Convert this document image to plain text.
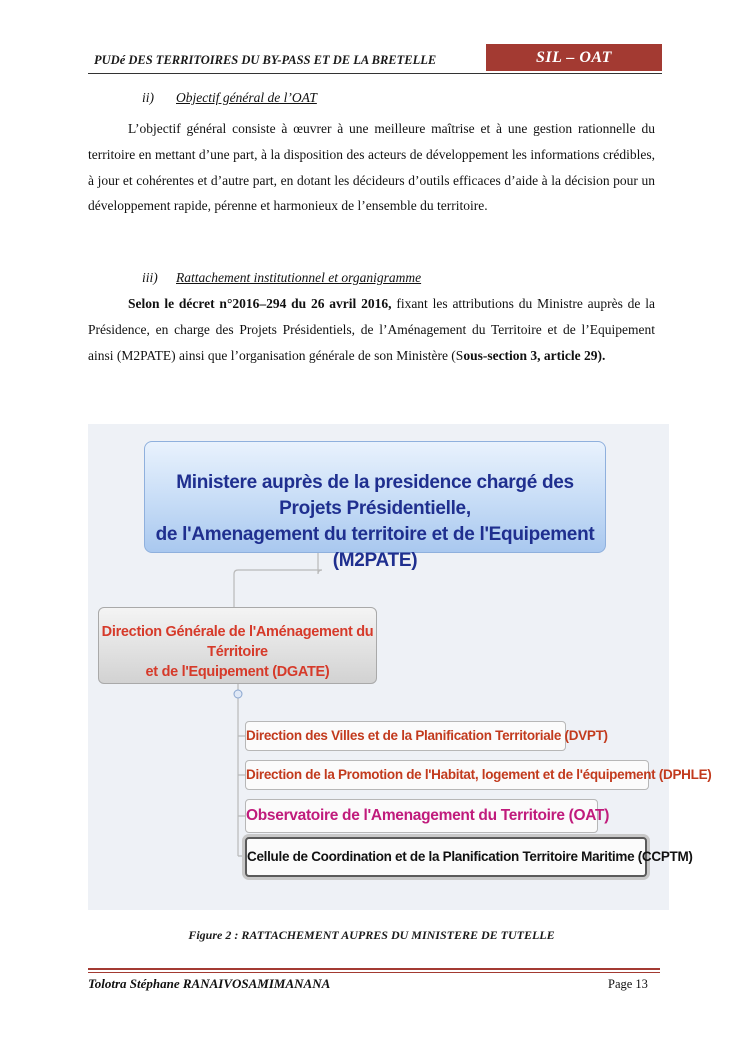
PUDé DES TERRITOIRES DU BY-PASS ET DE LA BRETELLE	SIL – OAT
ii) Objectif général de l’OAT
L’objectif général consiste à œuvrer à une meilleure maîtrise et à une gestion rationnelle du territoire en mettant d’une part, à la disposition des acteurs de développement les informations crédibles, à jour et cohérentes et d’autre part, en dotant les décideurs d’outils efficaces d’aide à la décision pour un développement rapide, pérenne et harmonieux de l’ensemble du territoire.
iii) Rattachement institutionnel et organigramme
Selon le décret n°2016–294 du 26 avril 2016, fixant les attributions du Ministre auprès de la Présidence, en charge des Projets Présidentiels, de l’Aménagement du Territoire et de l’Equipement ainsi (M2PATE) ainsi que l’organisation générale de son Ministère (Sous-section 3, article 29).
Ministere auprès de la presidence chargé des Projets Présidentielle,
de l'Amenagement du territoire et de l'Equipement (M2PATE)
Direction Générale de l'Aménagement du Térritoire
et de l'Equipement (DGATE)
Direction des Villes et de la Planification Territoriale (DVPT)
Direction de la Promotion de l'Habitat, logement et de l'équipement (DPHLE)
Observatoire de l'Amenagement du Territoire (OAT)
Cellule de Coordination et de la Planification Territoire Maritime (CCPTM)
Figure 2 : RATTACHEMENT AUPRES DU MINISTERE DE TUTELLE
Tolotra Stéphane RANAIVOSAMIMANANA	Page 13
